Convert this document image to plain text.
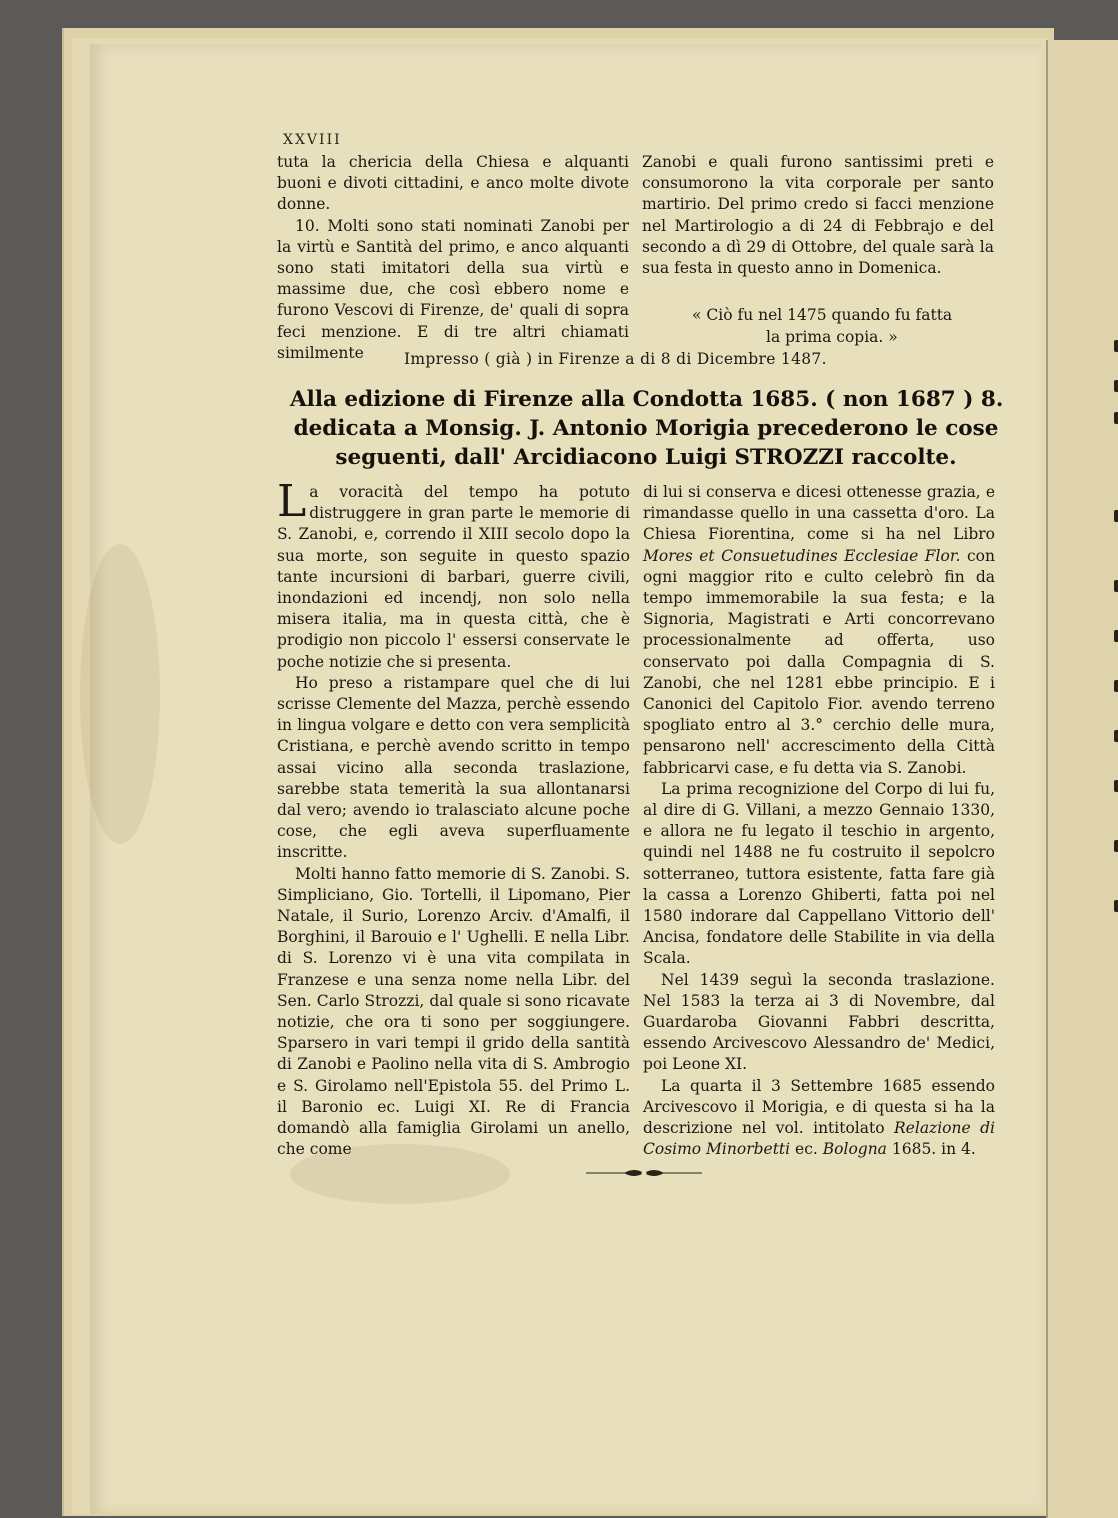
XXVIII

tuta la chericia della Chiesa e alquanti buoni e divoti cittadini, e anco molte divote donne.

10. Molti sono stati nominati Zanobi per la virtù e Santità del primo, e anco alquanti sono stati imitatori della sua virtù e massime due, che così ebbero nome e furono Vescovi di Firenze, de' quali di sopra feci menzione. E di tre altri chiamati similmente

Zanobi e quali furono santissimi preti e consumorono la vita corporale per santo martirio. Del primo credo si facci menzione nel Martirologio a di 24 di Febbrajo e del secondo a dì 29 di Ottobre, del quale sarà la sua festa in questo anno in Domenica.

« Ciò fu nel 1475 quando fu fatta
la prima copia. »
Impresso ( già ) in Firenze a di 8 di Dicembre 1487.
Alla edizione di Firenze alla Condotta 1685. ( non 1687 ) 8.
dedicata a Monsig. J. Antonio Morigia precederono le cose
seguenti, dall' Arcidiacono Luigi STROZZI raccolte.

La voracità del tempo ha potuto distruggere in gran parte le memorie di S. Zanobi, e, correndo il XIII secolo dopo la sua morte, son seguite in questo spazio tante incursioni di barbari, guerre civili, inondazioni ed incendj, non solo nella misera italia, ma in questa città, che è prodigio non piccolo l' essersi conservate le poche notizie che si presenta.

Ho preso a ristampare quel che di lui scrisse Clemente del Mazza, perchè essendo in lingua volgare e detto con vera semplicità Cristiana, e perchè avendo scritto in tempo assai vicino alla seconda traslazione, sarebbe stata temerità la sua allontanarsi dal vero; avendo io tralasciato alcune poche cose, che egli aveva superfluamente inscritte.

Molti hanno fatto memorie di S. Zanobi. S. Simpliciano, Gio. Tortelli, il Lipomano, Pier Natale, il Surio, Lorenzo Arciv. d'Amalfi, il Borghini, il Barouio e l' Ughelli. E nella Libr. di S. Lorenzo vi è una vita compilata in Franzese e una senza nome nella Libr. del Sen. Carlo Strozzi, dal quale si sono ricavate notizie, che ora ti sono per soggiungere. Sparsero in vari tempi il grido della santità di Zanobi e Paolino nella vita di S. Ambrogio e S. Girolamo nell'Epistola 55. del Primo L. il Baronio ec. Luigi XI. Re di Francia domandò alla famiglia Girolami un anello, che come

di lui si conserva e dicesi ottenesse grazia, e rimandasse quello in una cassetta d'oro. La Chiesa Fiorentina, come si ha nel Libro Mores et Consuetudines Ecclesiae Flor. con ogni maggior rito e culto celebrò fin da tempo immemorabile la sua festa; e la Signoria, Magistrati e Arti concorrevano processionalmente ad offerta, uso conservato poi dalla Compagnia di S. Zanobi, che nel 1281 ebbe principio. E i Canonici del Capitolo Fior. avendo terreno spogliato entro al 3.° cerchio delle mura, pensarono nell' accrescimento della Città fabbricarvi case, e fu detta via S. Zanobi.

La prima recognizione del Corpo di lui fu, al dire di G. Villani, a mezzo Gennaio 1330, e allora ne fu legato il teschio in argento, quindi nel 1488 ne fu costruito il sepolcro sotterraneo, tuttora esistente, fatta fare già la cassa a Lorenzo Ghiberti, fatta poi nel 1580 indorare dal Cappellano Vittorio dell' Ancisa, fondatore delle Stabilite in via della Scala.

Nel 1439 seguì la seconda traslazione. Nel 1583 la terza ai 3 di Novembre, dal Guardaroba Giovanni Fabbri descritta, essendo Arcivescovo Alessandro de' Medici, poi Leone XI.

La quarta il 3 Settembre 1685 essendo Arcivescovo il Morigia, e di questa si ha la descrizione nel vol. intitolato Relazione di Cosimo Minorbetti ec. Bologna 1685. in 4.
